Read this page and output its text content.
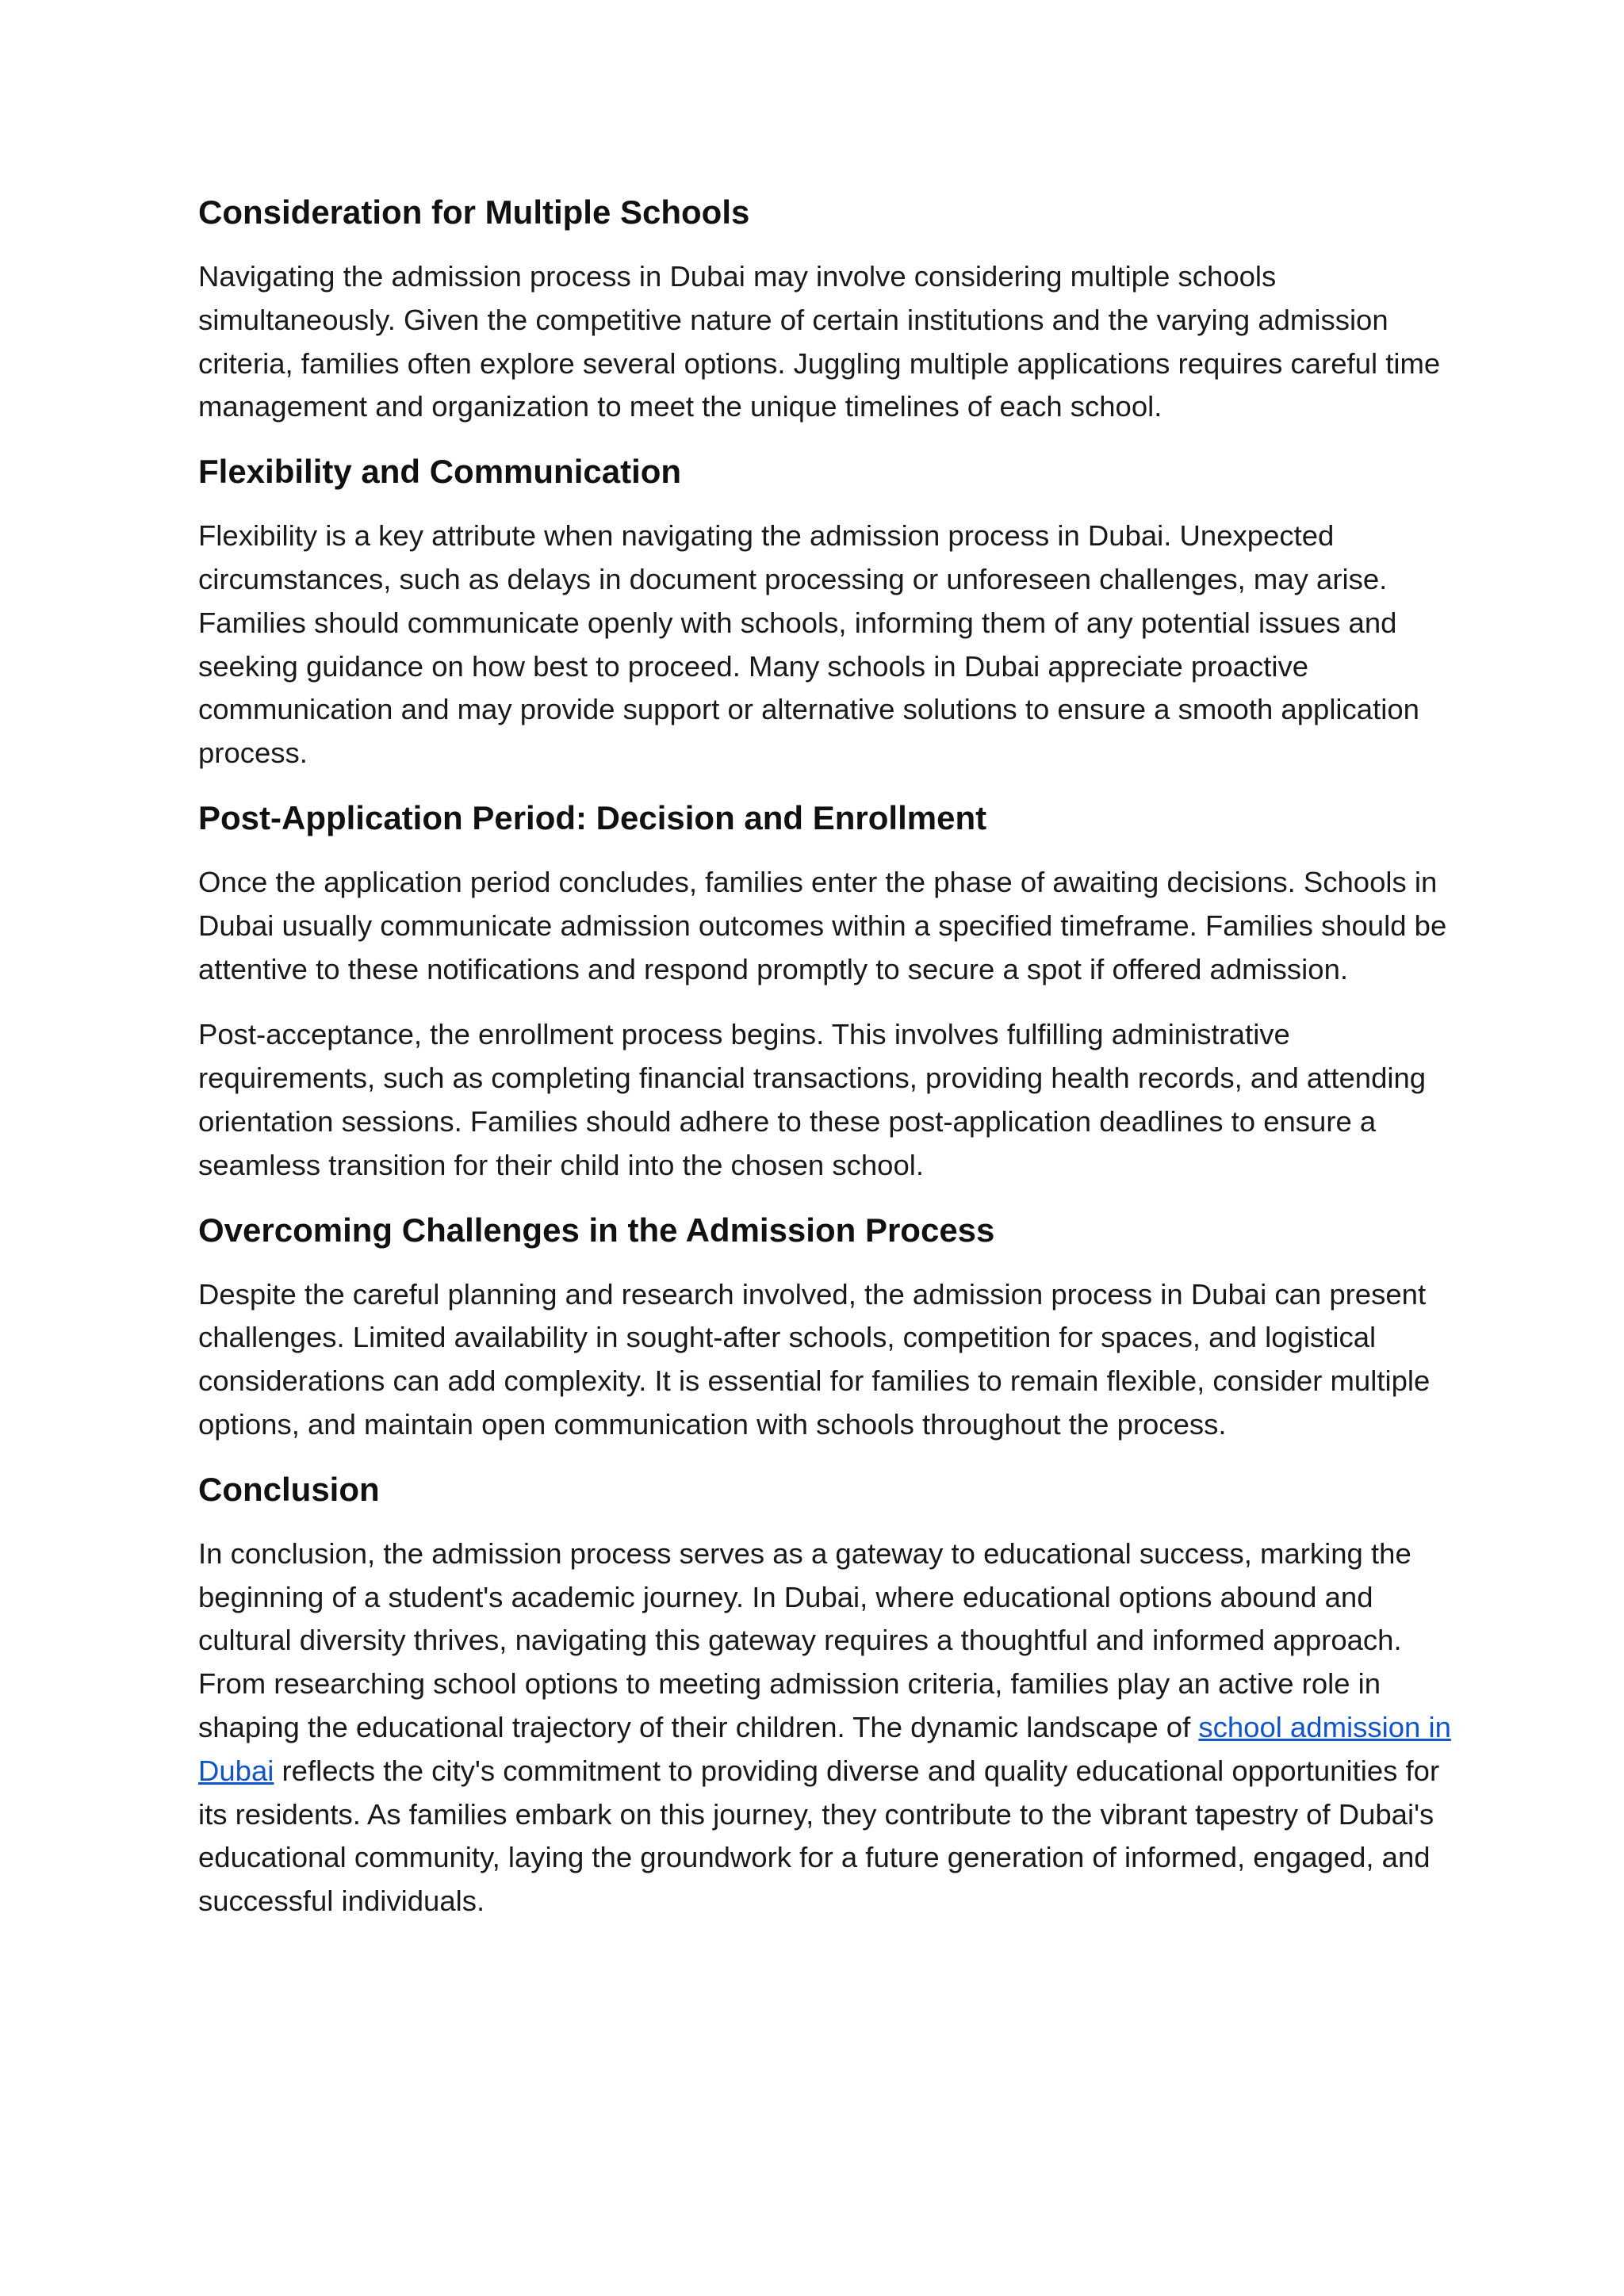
Consideration for Multiple Schools

Navigating the admission process in Dubai may involve considering multiple schools simultaneously. Given the competitive nature of certain institutions and the varying admission criteria, families often explore several options. Juggling multiple applications requires careful time management and organization to meet the unique timelines of each school.

Flexibility and Communication

Flexibility is a key attribute when navigating the admission process in Dubai. Unexpected circumstances, such as delays in document processing or unforeseen challenges, may arise. Families should communicate openly with schools, informing them of any potential issues and seeking guidance on how best to proceed. Many schools in Dubai appreciate proactive communication and may provide support or alternative solutions to ensure a smooth application process.

Post-Application Period: Decision and Enrollment

Once the application period concludes, families enter the phase of awaiting decisions. Schools in Dubai usually communicate admission outcomes within a specified timeframe. Families should be attentive to these notifications and respond promptly to secure a spot if offered admission.

Post-acceptance, the enrollment process begins. This involves fulfilling administrative requirements, such as completing financial transactions, providing health records, and attending orientation sessions. Families should adhere to these post-application deadlines to ensure a seamless transition for their child into the chosen school.

Overcoming Challenges in the Admission Process

Despite the careful planning and research involved, the admission process in Dubai can present challenges. Limited availability in sought-after schools, competition for spaces, and logistical considerations can add complexity. It is essential for families to remain flexible, consider multiple options, and maintain open communication with schools throughout the process.

Conclusion

In conclusion, the admission process serves as a gateway to educational success, marking the beginning of a student's academic journey. In Dubai, where educational options abound and cultural diversity thrives, navigating this gateway requires a thoughtful and informed approach. From researching school options to meeting admission criteria, families play an active role in shaping the educational trajectory of their children. The dynamic landscape of school admission in Dubai reflects the city's commitment to providing diverse and quality educational opportunities for its residents. As families embark on this journey, they contribute to the vibrant tapestry of Dubai's educational community, laying the groundwork for a future generation of informed, engaged, and successful individuals.
